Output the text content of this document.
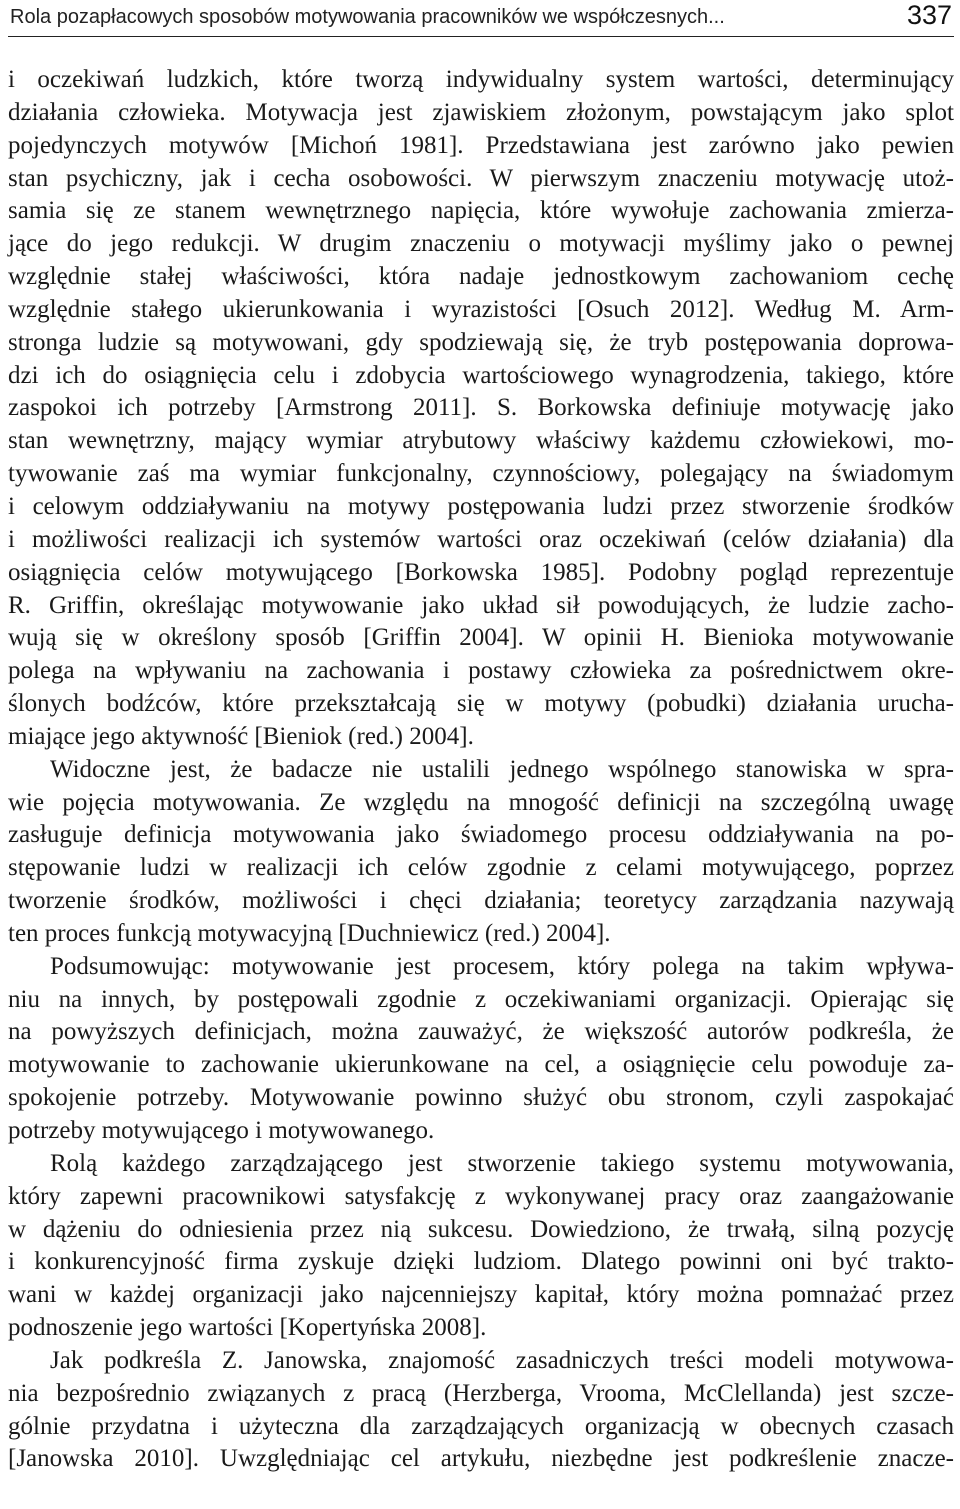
Rola pozapłacowych sposobów motywowania pracowników we współczesnych...	337
i oczekiwań ludzkich, które tworzą indywidualny system wartości, determinujący
działania człowieka. Motywacja jest zjawiskiem złożonym, powstającym jako splot
pojedynczych motywów [Michoń 1981]. Przedstawiana jest zarówno jako pewien
stan psychiczny, jak i cecha osobowości. W pierwszym znaczeniu motywację utoż-
samia się ze stanem wewnętrznego napięcia, które wywołuje zachowania zmierza-
jące do jego redukcji. W drugim znaczeniu o motywacji myślimy jako o pewnej
względnie stałej właściwości, która nadaje jednostkowym zachowaniom cechę
względnie stałego ukierunkowania i wyrazistości [Osuch 2012]. Według M. Arm-
stronga ludzie są motywowani, gdy spodziewają się, że tryb postępowania doprowa-
dzi ich do osiągnięcia celu i zdobycia wartościowego wynagrodzenia, takiego, które
zaspokoi ich potrzeby [Armstrong 2011]. S. Borkowska definiuje motywację jako
stan wewnętrzny, mający wymiar atrybutowy właściwy każdemu człowiekowi, mo-
tywowanie zaś ma wymiar funkcjonalny, czynnościowy, polegający na świadomym
i celowym oddziaływaniu na motywy postępowania ludzi przez stworzenie środków
i możliwości realizacji ich systemów wartości oraz oczekiwań (celów działania) dla
osiągnięcia celów motywującego [Borkowska 1985]. Podobny pogląd reprezentuje
R. Griffin, określając motywowanie jako układ sił powodujących, że ludzie zacho-
wują się w określony sposób [Griffin 2004]. W opinii H. Bienioka motywowanie
polega na wpływaniu na zachowania i postawy człowieka za pośrednictwem okre-
ślonych bodźców, które przekształcają się w motywy (pobudki) działania urucha-
miające jego aktywność [Bieniok (red.) 2004].
Widoczne jest, że badacze nie ustalili jednego wspólnego stanowiska w spra-
wie pojęcia motywowania. Ze względu na mnogość definicji na szczególną uwagę
zasługuje definicja motywowania jako świadomego procesu oddziaływania na po-
stępowanie ludzi w realizacji ich celów zgodnie z celami motywującego, poprzez
tworzenie środków, możliwości i chęci działania; teoretycy zarządzania nazywają
ten proces funkcją motywacyjną [Duchniewicz (red.) 2004].
Podsumowując: motywowanie jest procesem, który polega na takim wpływa-
niu na innych, by postępowali zgodnie z oczekiwaniami organizacji. Opierając się
na powyższych definicjach, można zauważyć, że większość autorów podkreśla, że
motywowanie to zachowanie ukierunkowane na cel, a osiągnięcie celu powoduje za-
spokojenie potrzeby. Motywowanie powinno służyć obu stronom, czyli zaspokajać
potrzeby motywującego i motywowanego.
Rolą każdego zarządzającego jest stworzenie takiego systemu motywowania,
który zapewni pracownikowi satysfakcję z wykonywanej pracy oraz zaangażowanie
w dążeniu do odniesienia przez nią sukcesu. Dowiedziono, że trwałą, silną pozycję
i konkurencyjność firma zyskuje dzięki ludziom. Dlatego powinni oni być trakto-
wani w każdej organizacji jako najcenniejszy kapitał, który można pomnażać przez
podnoszenie jego wartości [Kopertyńska 2008].
Jak podkreśla Z. Janowska, znajomość zasadniczych treści modeli motywowa-
nia bezpośrednio związanych z pracą (Herzberga, Vrooma, McClellanda) jest szcze-
gólnie przydatna i użyteczna dla zarządzających organizacją w obecnych czasach
[Janowska 2010]. Uwzględniając cel artykułu, niezbędne jest podkreślenie znacze-
